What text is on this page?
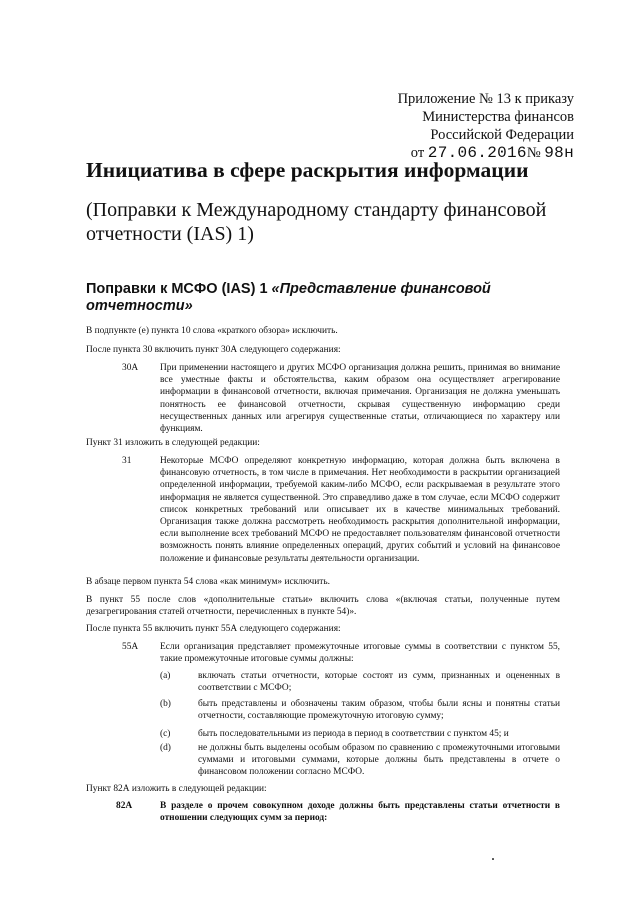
Приложение № 13 к приказу
Министерства финансов
Российской Федерации
от 27.06.2016№ 98н
Инициатива в сфере раскрытия информации
(Поправки к Международному стандарту финансовой отчетности (IAS) 1)
Поправки к МСФО (IAS) 1 «Представление финансовой отчетности»
В подпункте (е) пункта 10 слова «краткого обзора» исключить.
После пункта 30 включить пункт 30А следующего содержания:
30А При применении настоящего и других МСФО организация должна решить, принимая во внимание все уместные факты и обстоятельства, каким образом она осуществляет агрегирование информации в финансовой отчетности, включая примечания. Организация не должна уменьшать понятность ее финансовой отчетности, скрывая существенную информацию среди несущественных данных или агрегируя существенные статьи, отличающиеся по характеру или функциям.
Пункт 31 изложить в следующей редакции:
31	Некоторые МСФО определяют конкретную информацию, которая должна быть включена в финансовую отчетность, в том числе в примечания. Нет необходимости в раскрытии организацией определенной информации, требуемой каким-либо МСФО, если раскрываемая в результате этого информация не является существенной. Это справедливо даже в том случае, если МСФО содержит список конкретных требований или описывает их в качестве минимальных требований. Организация также должна рассмотреть необходимость раскрытия дополнительной информации, если выполнение всех требований МСФО не предоставляет пользователям финансовой отчетности возможность понять влияние определенных операций, других событий и условий на финансовое положение и финансовые результаты деятельности организации.
В абзаце первом пункта 54 слова «как минимум» исключить.
В пункт 55 после слов «дополнительные статьи» включить слова «(включая статьи, полученные путем дезагрегирования статей отчетности, перечисленных в пункте 54)».
После пункта 55 включить пункт 55А следующего содержания:
55А Если организация представляет промежуточные итоговые суммы в соответствии с пунктом 55, такие промежуточные итоговые суммы должны:
(a)	включать статьи отчетности, которые состоят из сумм, признанных и оцененных в соответствии с МСФО;
(b)	быть представлены и обозначены таким образом, чтобы были ясны и понятны статьи отчетности, составляющие промежуточную итоговую сумму;
(c)	быть последовательными из периода в период в соответствии с пунктом 45; и
(d)	не должны быть выделены особым образом по сравнению с промежуточными итоговыми суммами и итоговыми суммами, которые должны быть представлены в отчете о финансовом положении согласно МСФО.
Пункт 82А изложить в следующей редакции:
82А	В разделе о прочем совокупном доходе должны быть представлены статьи отчетности в отношении следующих сумм за период:
